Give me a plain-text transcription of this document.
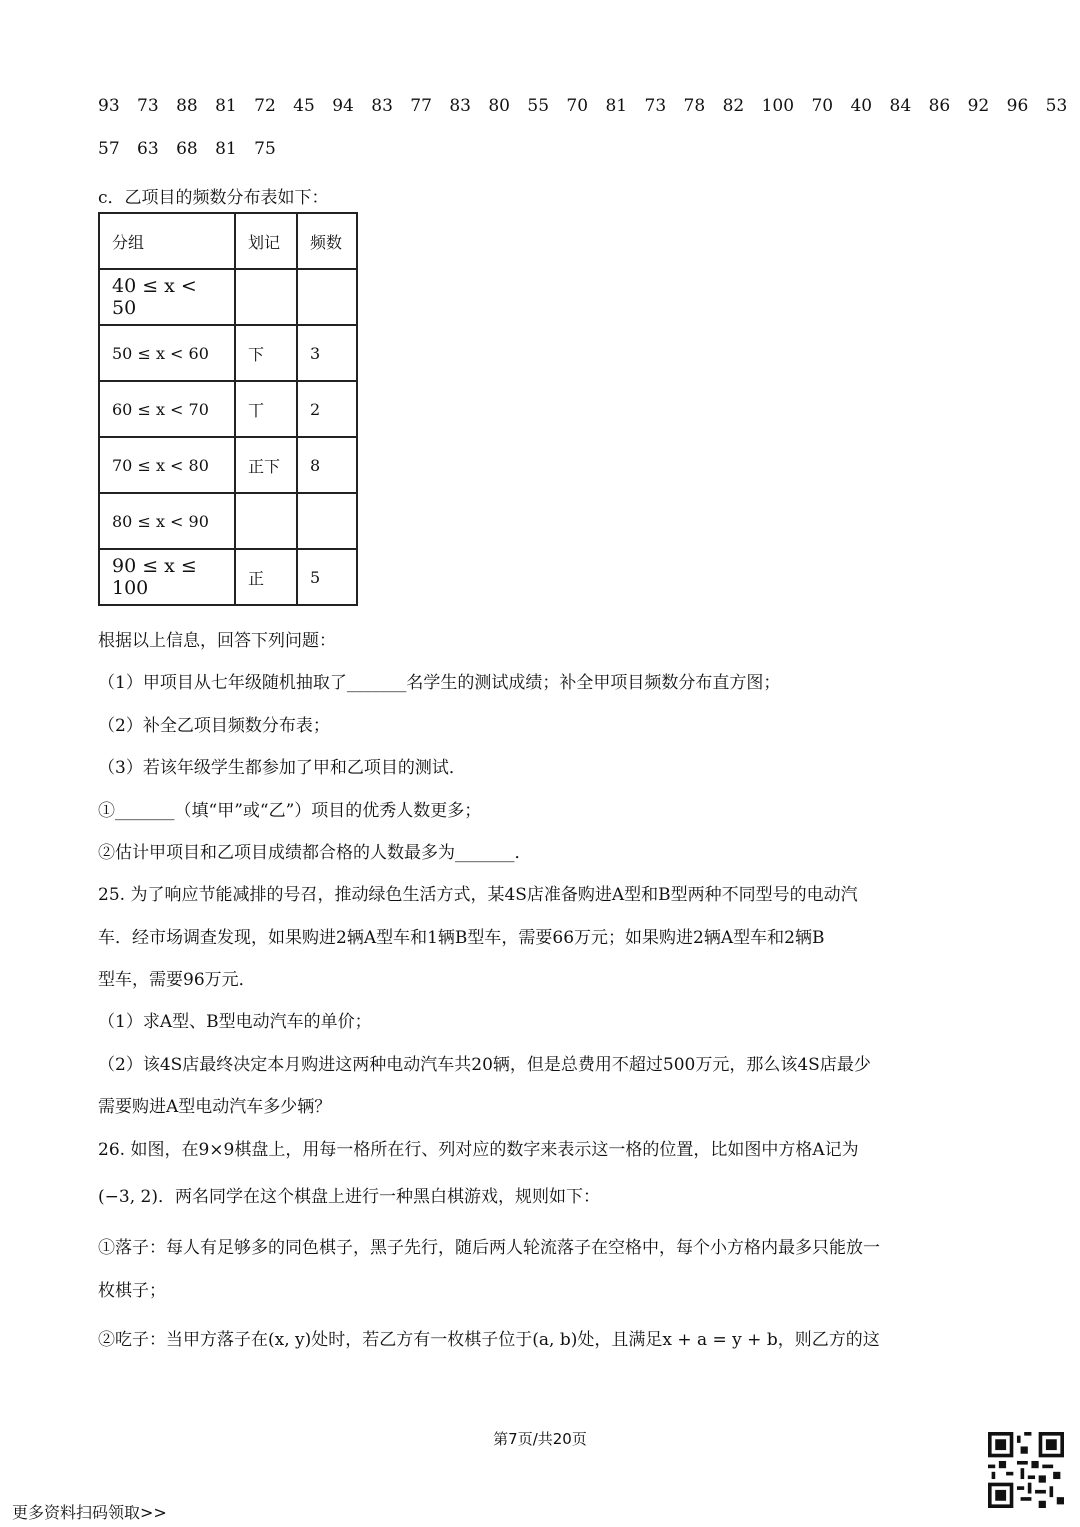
93 73 88 81 72 45 94 83 77 83 80 55 70 81 73 78 82 100 70 40 84 86 92 96 53
57 63 68 81 75
c．乙项目的频数分布表如下：
分组	划记	频数
40 ≤ x < 50		
50 ≤ x < 60	下	3
60 ≤ x < 70	丅	2
70 ≤ x < 80	正下	8
80 ≤ x < 90		
90 ≤ x ≤ 100	正	5
根据以上信息，回答下列问题：
（1）甲项目从七年级随机抽取了_______名学生的测试成绩；补全甲项目频数分布直方图；
（2）补全乙项目频数分布表；
（3）若该年级学生都参加了甲和乙项目的测试．
①_______（填“甲”或“乙”）项目的优秀人数更多；
②估计甲项目和乙项目成绩都合格的人数最多为_______．
25. 为了响应节能减排的号召，推动绿色生活方式，某4S店准备购进A型和B型两种不同型号的电动汽
车．经市场调查发现，如果购进2辆A型车和1辆B型车，需要66万元；如果购进2辆A型车和2辆B
型车，需要96万元．
（1）求A型、B型电动汽车的单价；
（2）该4S店最终决定本月购进这两种电动汽车共20辆，但是总费用不超过500万元，那么该4S店最少
需要购进A型电动汽车多少辆？
26. 如图，在9×9棋盘上，用每一格所在行、列对应的数字来表示这一格的位置，比如图中方格A记为
(−3, 2)．两名同学在这个棋盘上进行一种黑白棋游戏，规则如下：
①落子：每人有足够多的同色棋子，黑子先行，随后两人轮流落子在空格中，每个小方格内最多只能放一
枚棋子；
②吃子：当甲方落子在(x, y)处时，若乙方有一枚棋子位于(a, b)处，且满足x + a = y + b，则乙方的这
第7页/共20页
更多资料扫码领取>>
